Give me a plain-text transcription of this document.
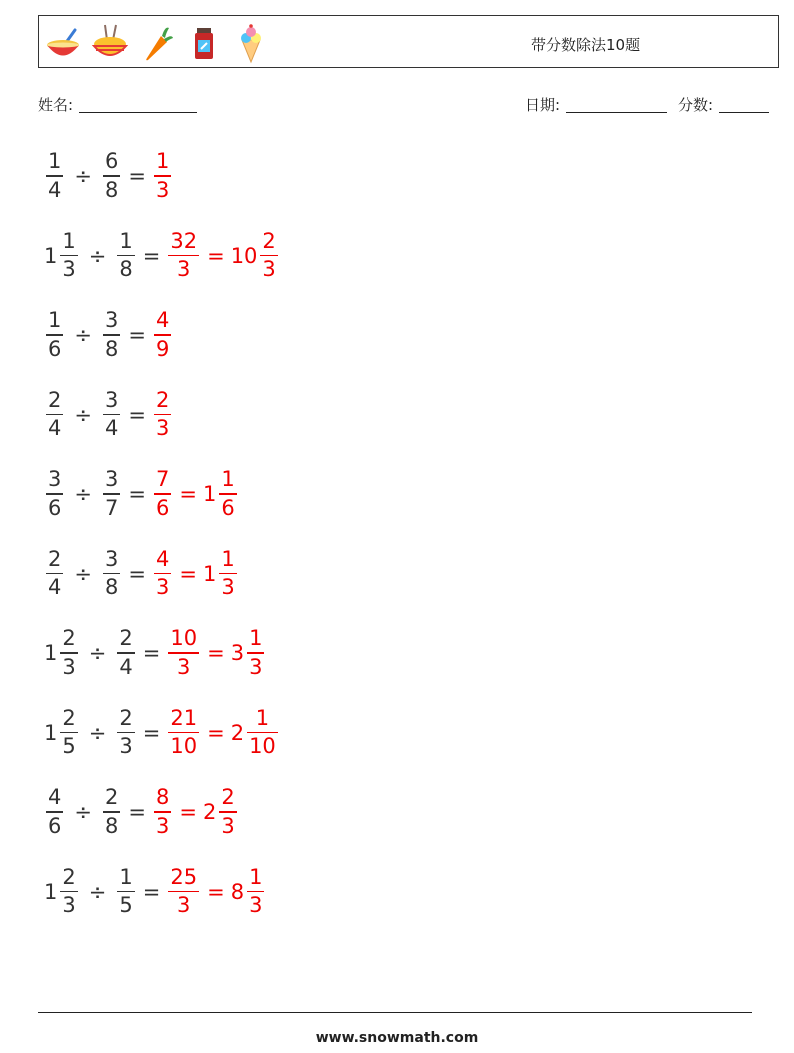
带分数除法10题
姓名:	日期:	分数:
$\frac{1}{4} \div \frac{6}{8} = \frac{1}{3}$
$1 \frac{1}{3} \div \frac{1}{8} = \frac{32}{3} = 10 \frac{2}{3}$
$\frac{1}{6} \div \frac{3}{8} = \frac{4}{9}$
$\frac{2}{4} \div \frac{3}{4} = \frac{2}{3}$
$\frac{3}{6} \div \frac{3}{7} = \frac{7}{6} = 1 \frac{1}{6}$
$\frac{2}{4} \div \frac{3}{8} = \frac{4}{3} = 1 \frac{1}{3}$
$1 \frac{2}{3} \div \frac{2}{4} = \frac{10}{3} = 3 \frac{1}{3}$
$1 \frac{2}{5} \div \frac{2}{3} = \frac{21}{10} = 2 \frac{1}{10}$
$\frac{4}{6} \div \frac{2}{8} = \frac{8}{3} = 2 \frac{2}{3}$
$1 \frac{2}{3} \div \frac{1}{5} = \frac{25}{3} = 8 \frac{1}{3}$
www.snowmath.com
